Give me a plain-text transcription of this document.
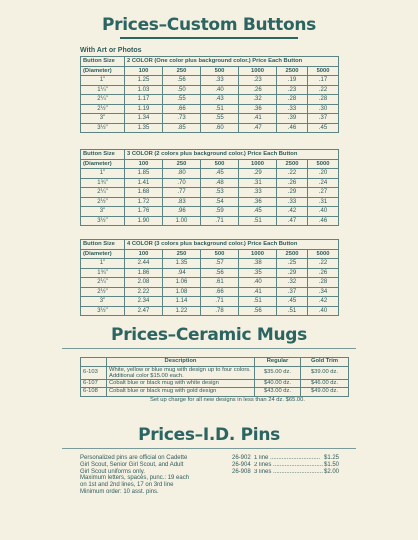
Prices–Custom Buttons
With Art or Photos
Button Size	2 COLOR (One color plus background color.) Price Each Button					
(Diameter)	100	250	500	1000	2500	5000
1"	1.25	.56	.33	.23	.19	.17
1¼"	1.03	.50	.40	.26	.23	.22
2¼"	1.17	.55	.43	.32	.28	.28
2½"	1.19	.66	.51	.36	.33	.30
3"	1.34	.73	.55	.41	.39	.37
3½"	1.35	.85	.60	.47	.46	.45
Button Size	3 COLOR (2 colors plus background color.) Price Each Button					
(Diameter)	100	250	500	1000	2500	5000
1"	1.85	.80	.45	.29	.22	.20
1¾"	1.41	.70	.48	.31	.26	.24
2¼"	1.68	.77	.53	.33	.29	.27
2½"	1.72	.83	.54	.36	.33	.31
3"	1.76	.96	.59	.45	.42	.40
3½"	1.90	1.00	.71	.51	.47	.46
Button Size	4 COLOR (3 colors plus background color.) Price Each Button					
(Diameter)	100	250	500	1000	2500	5000
1"	2.44	1.35	.57	.38	.25	.22
1¾"	1.86	.94	.56	.35	.29	.26
2¼"	2.08	1.06	.61	.40	.32	.28
2½"	2.22	1.08	.66	.41	.37	.34
3"	2.34	1.14	.71	.51	.45	.42
3½"	2.47	1.22	.78	.56	.51	.40
Prices–Ceramic Mugs
	Description	Regular	Gold Trim
6-103	White, yellow or blue mug with design up to four colors. Additional color $15.00 each.	$35.00 dz.	$39.00 dz.
6-107	Cobalt blue or black mug with white design	$40.00 dz.	$46.00 dz.
6-108	Cobalt blue or black mug with gold design	$43.00 dz.	$49.00 dz.
	Set up charge for all new designs in less than 24 dz. $65.00.		
Prices–I.D. Pins
Personalized pins are official on Cadette
Girl Scout, Senior Girl Scout, and Adult
Girl Scout uniforms only.
Maximum letters, spaces, punc.: 19 each
on 1st and 2nd lines, 17 on 3rd line
Minimum order: 10 asst. pins.
26-902 1 line .............................. $1.25
26-904 2 lines ..............................$1.50
26-908 3 lines ..............................$2.00
